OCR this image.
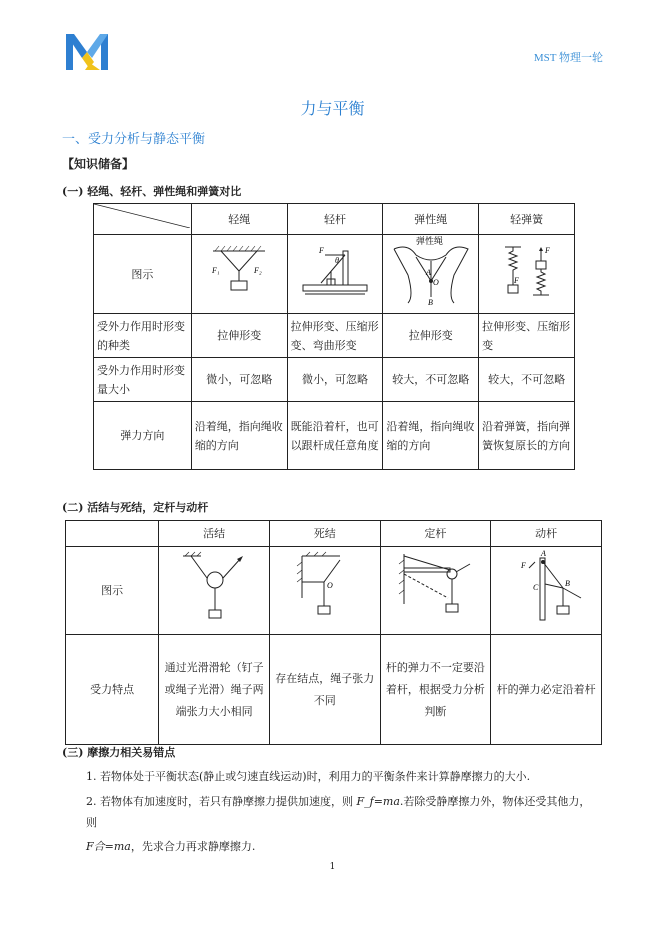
MST 物理一轮
力与平衡
一、受力分析与静态平衡
【知识储备】
(一) 轻绳、轻杆、弹性绳和弹簧对比
	轻绳	轻杆	弹性绳	轻弹簧
图示	F₁ F₂	F
θ	弹性绳
A
O
B	F
F

受外力作用时形变的种类	拉伸形变	拉伸形变、压缩形变、弯曲形变	拉伸形变	拉伸形变、压缩形变
受外力作用时形变量大小	微小，可忽略	微小，可忽略	较大，不可忽略	较大，不可忽略
弹力方向	沿着绳，指向绳收缩的方向	既能沿着杆，也可以跟杆成任意角度	沿着绳，指向绳收缩的方向	沿着弹簧，指向弹簧恢复原长的方向
(二) 活结与死结，定杆与动杆
	活结	死结	定杆	动杆
图示		O		A
F
C B

受力特点	通过光滑滑轮（钉子或绳子光滑）绳子两端张力大小相同	存在结点，绳子张力不同	杆的弹力不一定要沿着杆，根据受力分析判断	杆的弹力必定沿着杆
(三) 摩擦力相关易错点
1. 若物体处于平衡状态(静止或匀速直线运动)时，利用力的平衡条件来计算静摩擦力的大小.
2. 若物体有加速度时，若只有静摩擦力提供加速度，则 F_f=ma.若除受静摩擦力外，物体还受其他力，
则
F合=ma，先求合力再求静摩擦力.
1
